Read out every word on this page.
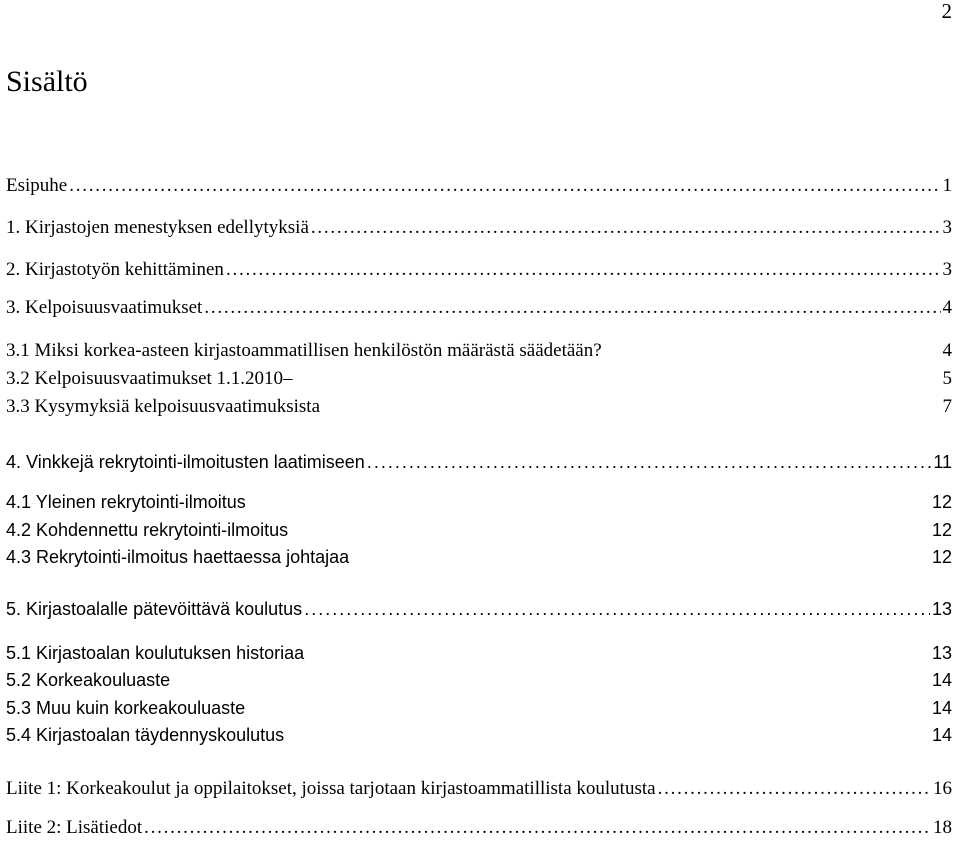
2
Sisältö
Esipuhe . . .	1
1. Kirjastojen menestyksen edellytyksiä . . .	3
2. Kirjastotyön kehittäminen . . .	3
3. Kelpoisuusvaatimukset . . .	4
3.1 Miksi korkea-asteen kirjastoammatillisen henkilöstön määrästä säädetään?	4
3.2 Kelpoisuusvaatimukset 1.1.2010–	5
3.3 Kysymyksiä kelpoisuusvaatimuksista	7
4. Vinkkejä rekrytointi-ilmoitusten laatimiseen . . .	11
4.1 Yleinen rekrytointi-ilmoitus	12
4.2 Kohdennettu rekrytointi-ilmoitus	12
4.3 Rekrytointi-ilmoitus haettaessa johtajaa	12
5. Kirjastoalalle pätevöittävä koulutus . . .	13
5.1 Kirjastoalan koulutuksen historiaa	13
5.2 Korkeakouluaste	14
5.3 Muu kuin korkeakouluaste	14
5.4 Kirjastoalan täydennyskoulutus	14
Liite 1: Korkeakoulut ja oppilaitokset, joissa tarjotaan kirjastoammatillista koulutusta . . .	16
Liite 2: Lisätiedot . . .	18
